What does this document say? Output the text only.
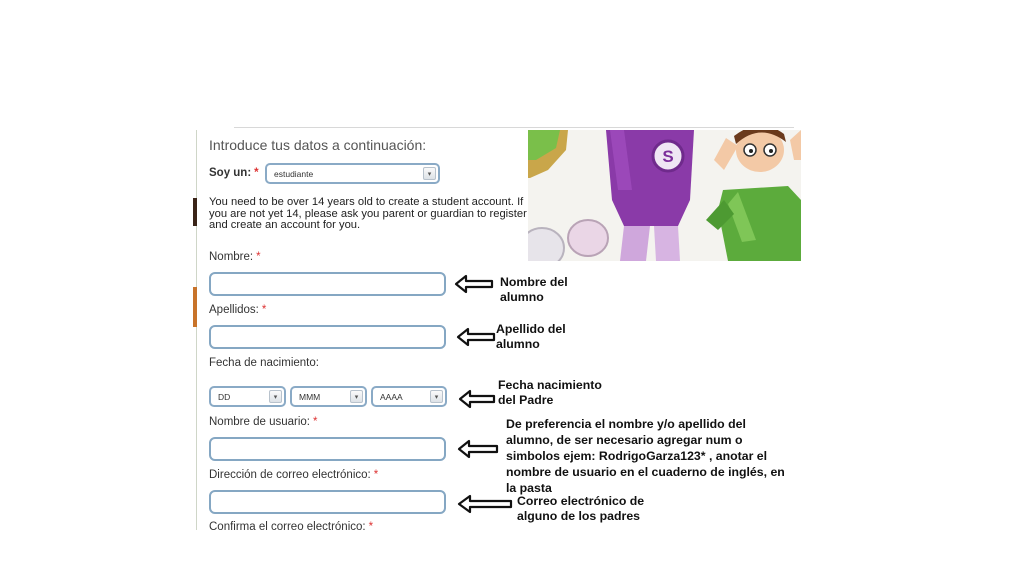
Introduce tus datos a continuación:
Soy un: * estudiante	▾
You need to be over 14 years old to create a student account. If you are not yet 14, please ask you parent or guardian to register and create an account for you.
Nombre: *
Apellidos: *
Fecha de nacimiento:
DD	▾	MMM	▾	AAAA	▾
Nombre de usuario: *
Dirección de correo electrónico: *
Confirma el correo electrónico: *
S
Nombre del
alumno
Apellido del
alumno
Fecha nacimiento
del Padre
De preferencia el nombre y/o apellido del
alumno, de ser necesario agregar num o
simbolos ejem: RodrigoGarza123* , anotar el
nombre de usuario en el cuaderno de inglés, en
la pasta
Correo electrónico de
alguno de los padres
